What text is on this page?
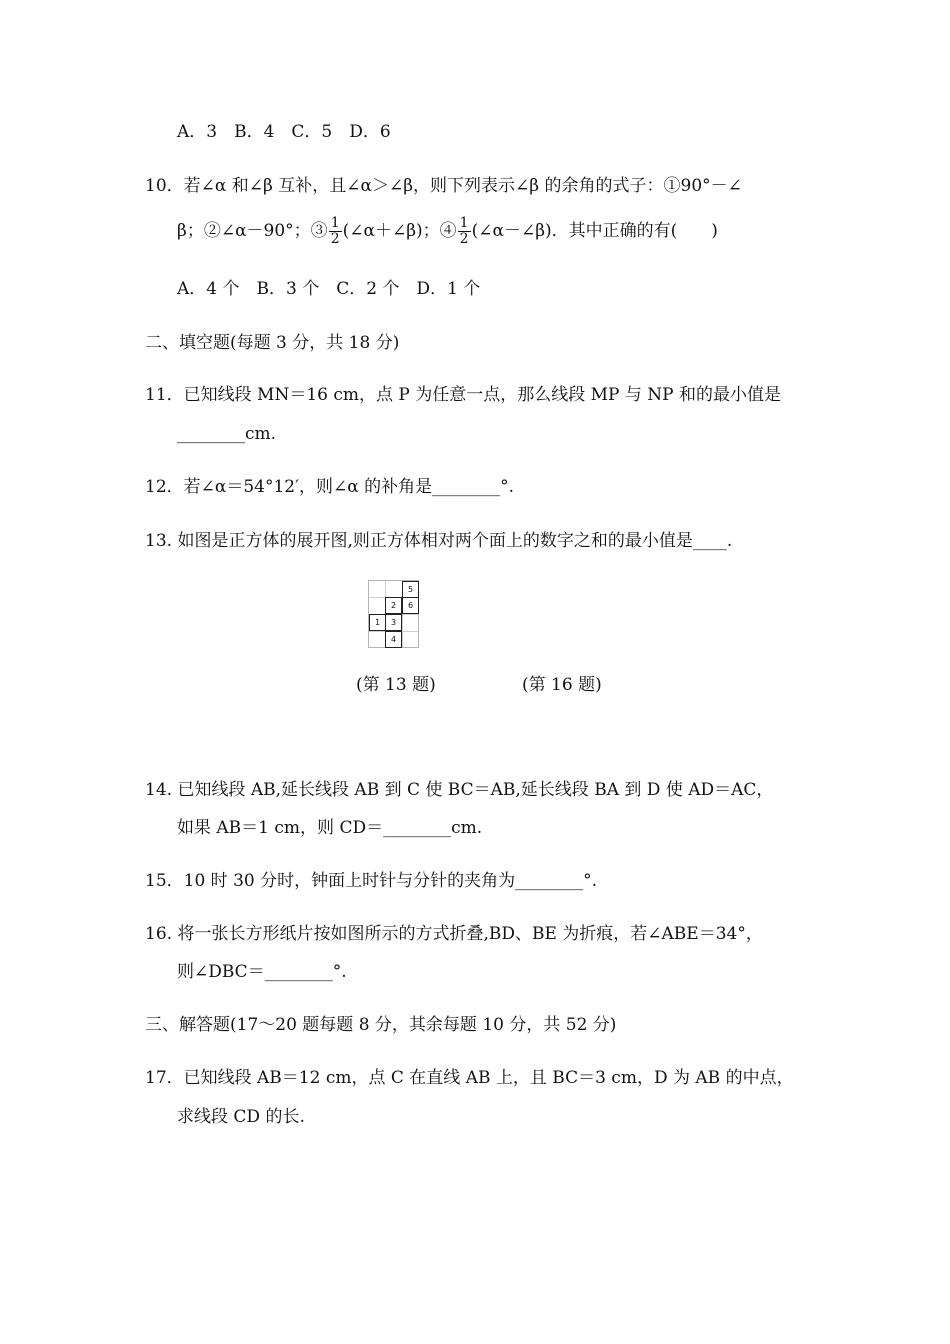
A．3　B．4　C．5　D．6
10．若∠α 和∠β 互补，且∠α＞∠β，则下列表示∠β 的余角的式子：①90°－∠
β；②∠α－90°；③ $\frac{1}{2}$ (∠α＋∠β)；④ $\frac{1}{2}$ (∠α－∠β)．其中正确的有(　　)
A．4 个　B．3 个　C．2 个　D．1 个
二、填空题(每题 3 分，共 18 分)
11．已知线段 MN＝16 cm，点 P 为任意一点，那么线段 MP 与 NP 和的最小值是
________cm.
12．若∠α＝54°12′，则∠α 的补角是________°.
13. 如图是正方体的展开图,则正方体相对两个面上的数字之和的最小值是____.
5
2	6
1	3
4
(第 13 题)	(第 16 题)
14. 已知线段 AB,延长线段 AB 到 C 使 BC＝AB,延长线段 BA 到 D 使 AD＝AC，
如果 AB＝1 cm，则 CD＝________cm.
15．10 时 30 分时，钟面上时针与分针的夹角为________°.
16. 将一张长方形纸片按如图所示的方式折叠,BD、BE 为折痕，若∠ABE＝34°，
则∠DBC＝________°.
三、解答题(17～20 题每题 8 分，其余每题 10 分，共 52 分)
17．已知线段 AB＝12 cm，点 C 在直线 AB 上，且 BC＝3 cm，D 为 AB 的中点，
求线段 CD 的长.
